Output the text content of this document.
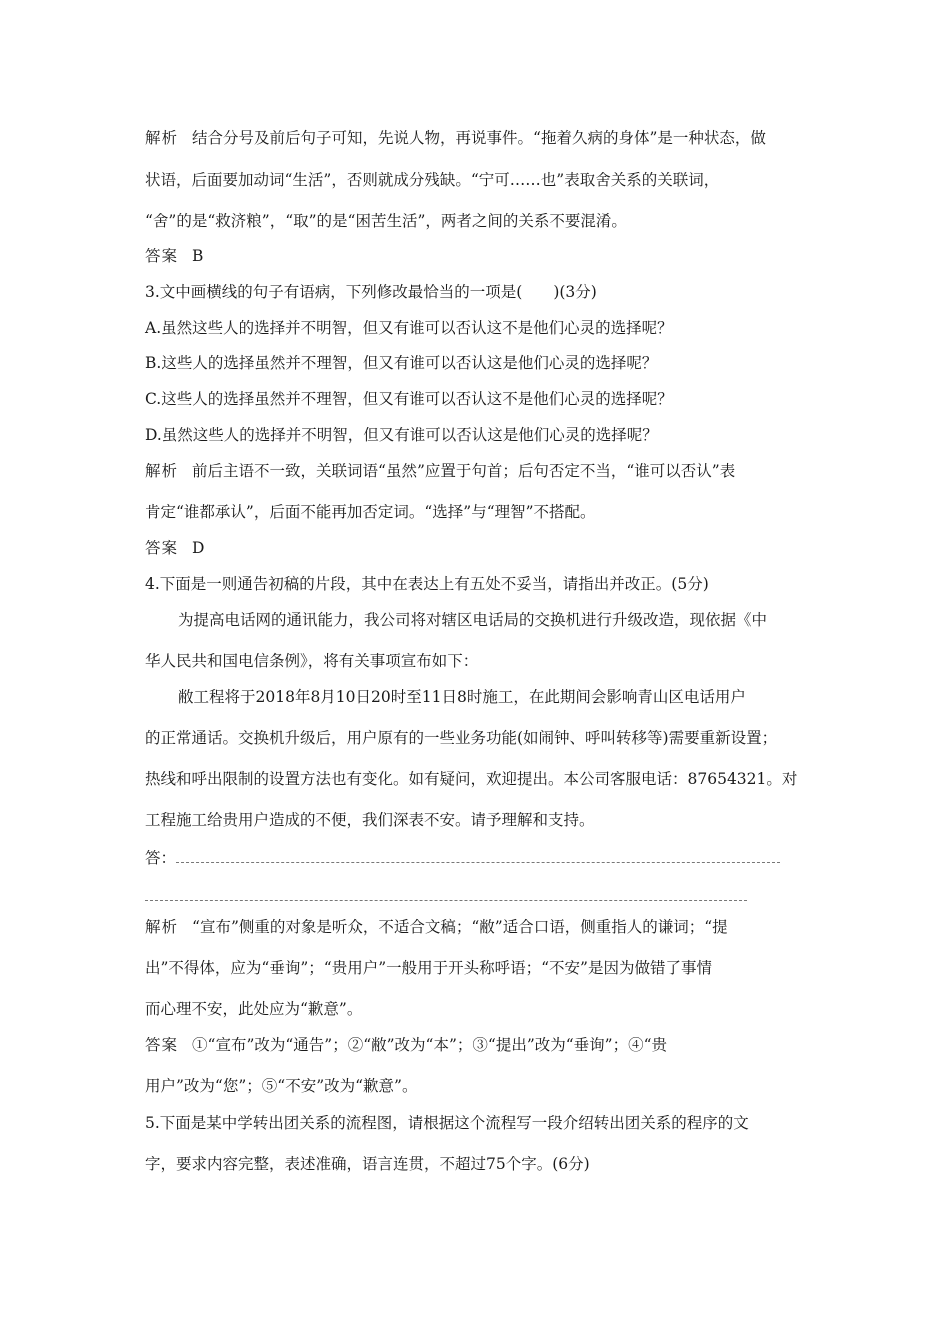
解析 结合分号及前后句子可知，先说人物，再说事件。“拖着久病的身体”是一种状态，做
状语，后面要加动词“生活”，否则就成分残缺。“宁可……也”表取舍关系的关联词，
“舍”的是“救济粮”，“取”的是“困苦生活”，两者之间的关系不要混淆。
答案 B
3.文中画横线的句子有语病，下列修改最恰当的一项是(　　)(3分)
A.虽然这些人的选择并不明智，但又有谁可以否认这不是他们心灵的选择呢？
B.这些人的选择虽然并不理智，但又有谁可以否认这是他们心灵的选择呢？
C.这些人的选择虽然并不理智，但又有谁可以否认这不是他们心灵的选择呢？
D.虽然这些人的选择并不明智，但又有谁可以否认这是他们心灵的选择呢？
解析 前后主语不一致，关联词语“虽然”应置于句首；后句否定不当，“谁可以否认”表
肯定“谁都承认”，后面不能再加否定词。“选择”与“理智”不搭配。
答案 D
4.下面是一则通告初稿的片段，其中在表达上有五处不妥当，请指出并改正。(5分)
为提高电话网的通讯能力，我公司将对辖区电话局的交换机进行升级改造，现依据《中
华人民共和国电信条例》，将有关事项宣布如下：
敝工程将于2018年8月10日20时至11日8时施工，在此期间会影响青山区电话用户
的正常通话。交换机升级后，用户原有的一些业务功能(如闹钟、呼叫转移等)需要重新设置；
热线和呼出限制的设置方法也有变化。如有疑问，欢迎提出。本公司客服电话：87654321。对
工程施工给贵用户造成的不便，我们深表不安。请予理解和支持。
答：
解析 “宣布”侧重的对象是听众，不适合文稿；“敝”适合口语，侧重指人的谦词；“提
出”不得体，应为“垂询”；“贵用户”一般用于开头称呼语；“不安”是因为做错了事情
而心理不安，此处应为“歉意”。
答案 ①“宣布”改为“通告”；②“敝”改为“本”；③“提出”改为“垂询”；④“贵
用户”改为“您”；⑤“不安”改为“歉意”。
5.下面是某中学转出团关系的流程图，请根据这个流程写一段介绍转出团关系的程序的文
字，要求内容完整，表述准确，语言连贯，不超过75个字。(6分)
